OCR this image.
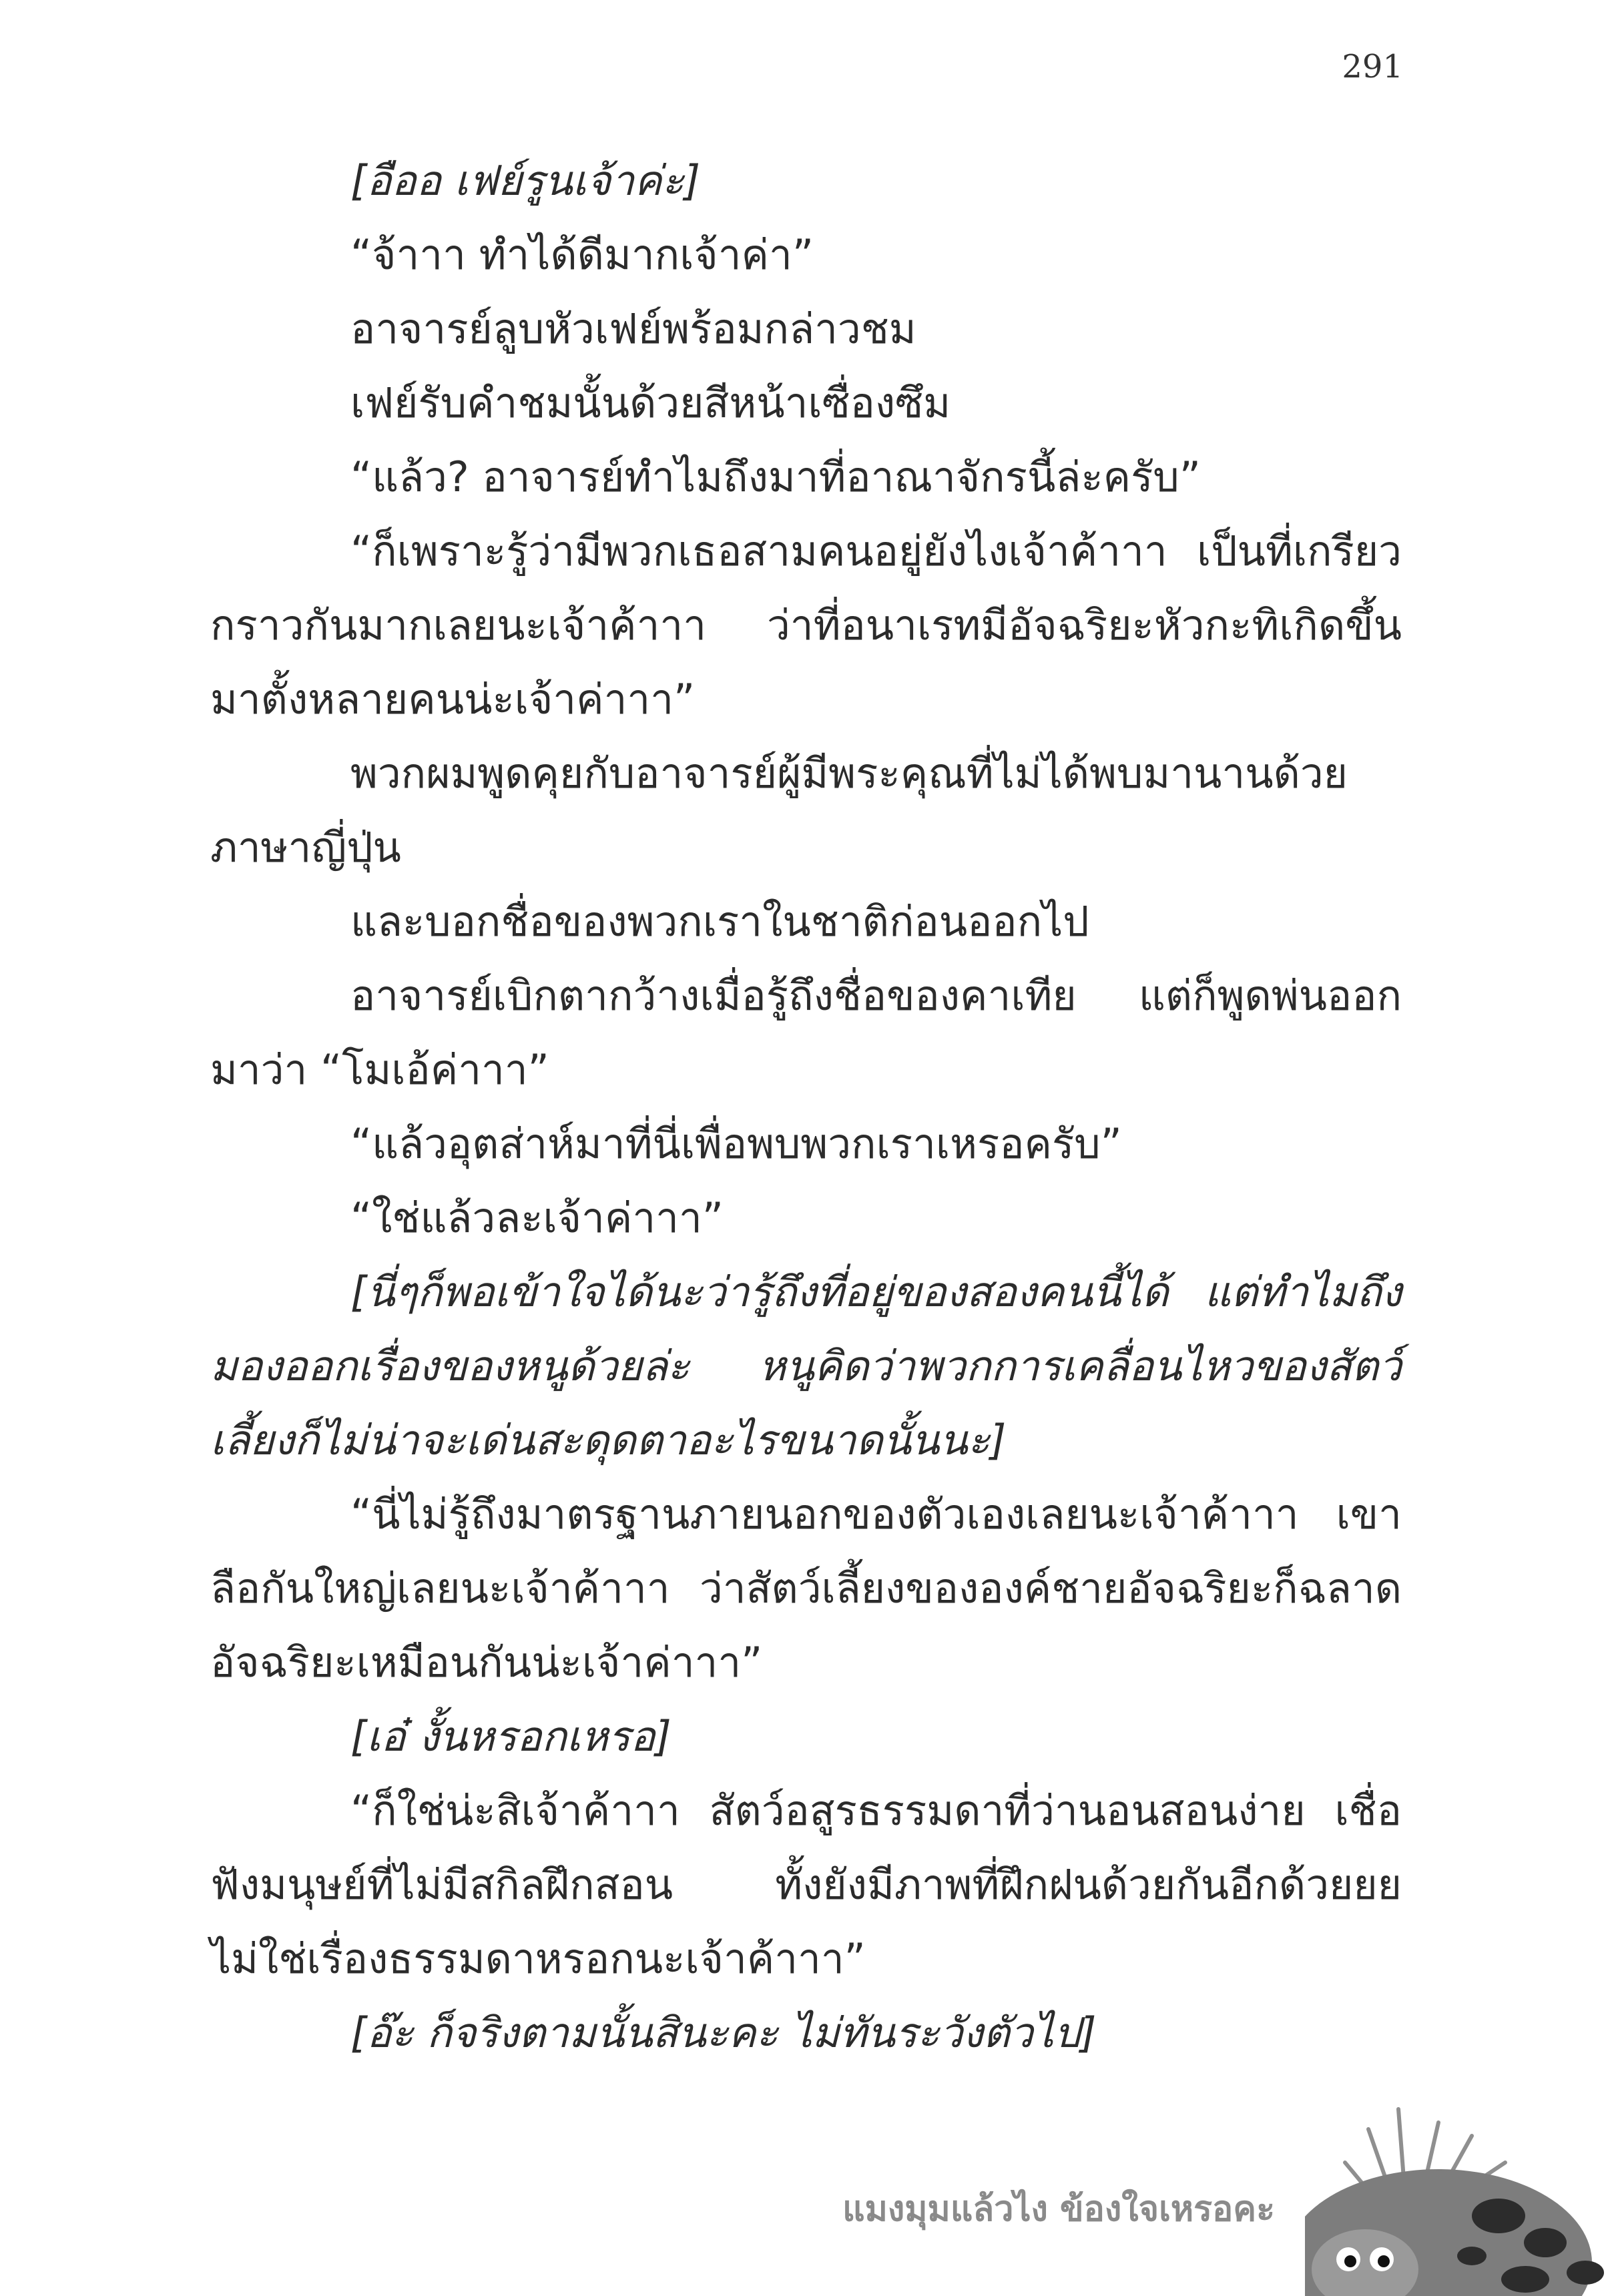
291

[อืออ เฟย์รูนเจ้าค่ะ]

“จ้าาา ทำได้ดีมากเจ้าค่า”

อาจารย์ลูบหัวเฟย์พร้อมกล่าวชม

เฟย์รับคำชมนั้นด้วยสีหน้าเซื่องซึม

“แล้ว? อาจารย์ทำไมถึงมาที่อาณาจักรนี้ล่ะครับ”

“ก็เพราะรู้ว่ามีพวกเธอสามคนอยู่ยังไงเจ้าค้าาา เป็นที่เกรียวกราวกันมากเลยนะเจ้าค้าาา ว่าที่อนาเรทมีอัจฉริยะหัวกะทิเกิดขึ้นมาตั้งหลายคนน่ะเจ้าค่าาา”

พวกผมพูดคุยกับอาจารย์ผู้มีพระคุณที่ไม่ได้พบมานานด้วยภาษาญี่ปุ่น

และบอกชื่อของพวกเราในชาติก่อนออกไป

อาจารย์เบิกตากว้างเมื่อรู้ถึงชื่อของคาเทีย แต่ก็พูดพ่นออกมาว่า “โมเอ้ค่าาา”

“แล้วอุตส่าห์มาที่นี่เพื่อพบพวกเราเหรอครับ”

“ใช่แล้วละเจ้าค่าาา”

[นี่ๆก็พอเข้าใจได้นะว่ารู้ถึงที่อยู่ของสองคนนี้ได้ แต่ทำไมถึงมองออกเรื่องของหนูด้วยล่ะ หนูคิดว่าพวกการเคลื่อนไหวของสัตว์เลี้ยงก็ไม่น่าจะเด่นสะดุดตาอะไรขนาดนั้นนะ]

“นี่ไม่รู้ถึงมาตรฐานภายนอกของตัวเองเลยนะเจ้าค้าาา เขาลือกันใหญ่เลยนะเจ้าค้าาา ว่าสัตว์เลี้ยงขององค์ชายอัจฉริยะก็ฉลาดอัจฉริยะเหมือนกันน่ะเจ้าค่าาา”

[เอ๋ งั้นหรอกเหรอ]

“ก็ใช่น่ะสิเจ้าค้าาา สัตว์อสูรธรรมดาที่ว่านอนสอนง่าย เชื่อฟังมนุษย์ที่ไม่มีสกิลฝึกสอน ทั้งยังมีภาพที่ฝึกฝนด้วยกันอีกด้วยยยไม่ใช่เรื่องธรรมดาหรอกนะเจ้าค้าาา”

[อ๊ะ ก็จริงตามนั้นสินะคะ ไม่ทันระวังตัวไป]

แมงมุมแล้วไง ข้องใจเหรอคะ
